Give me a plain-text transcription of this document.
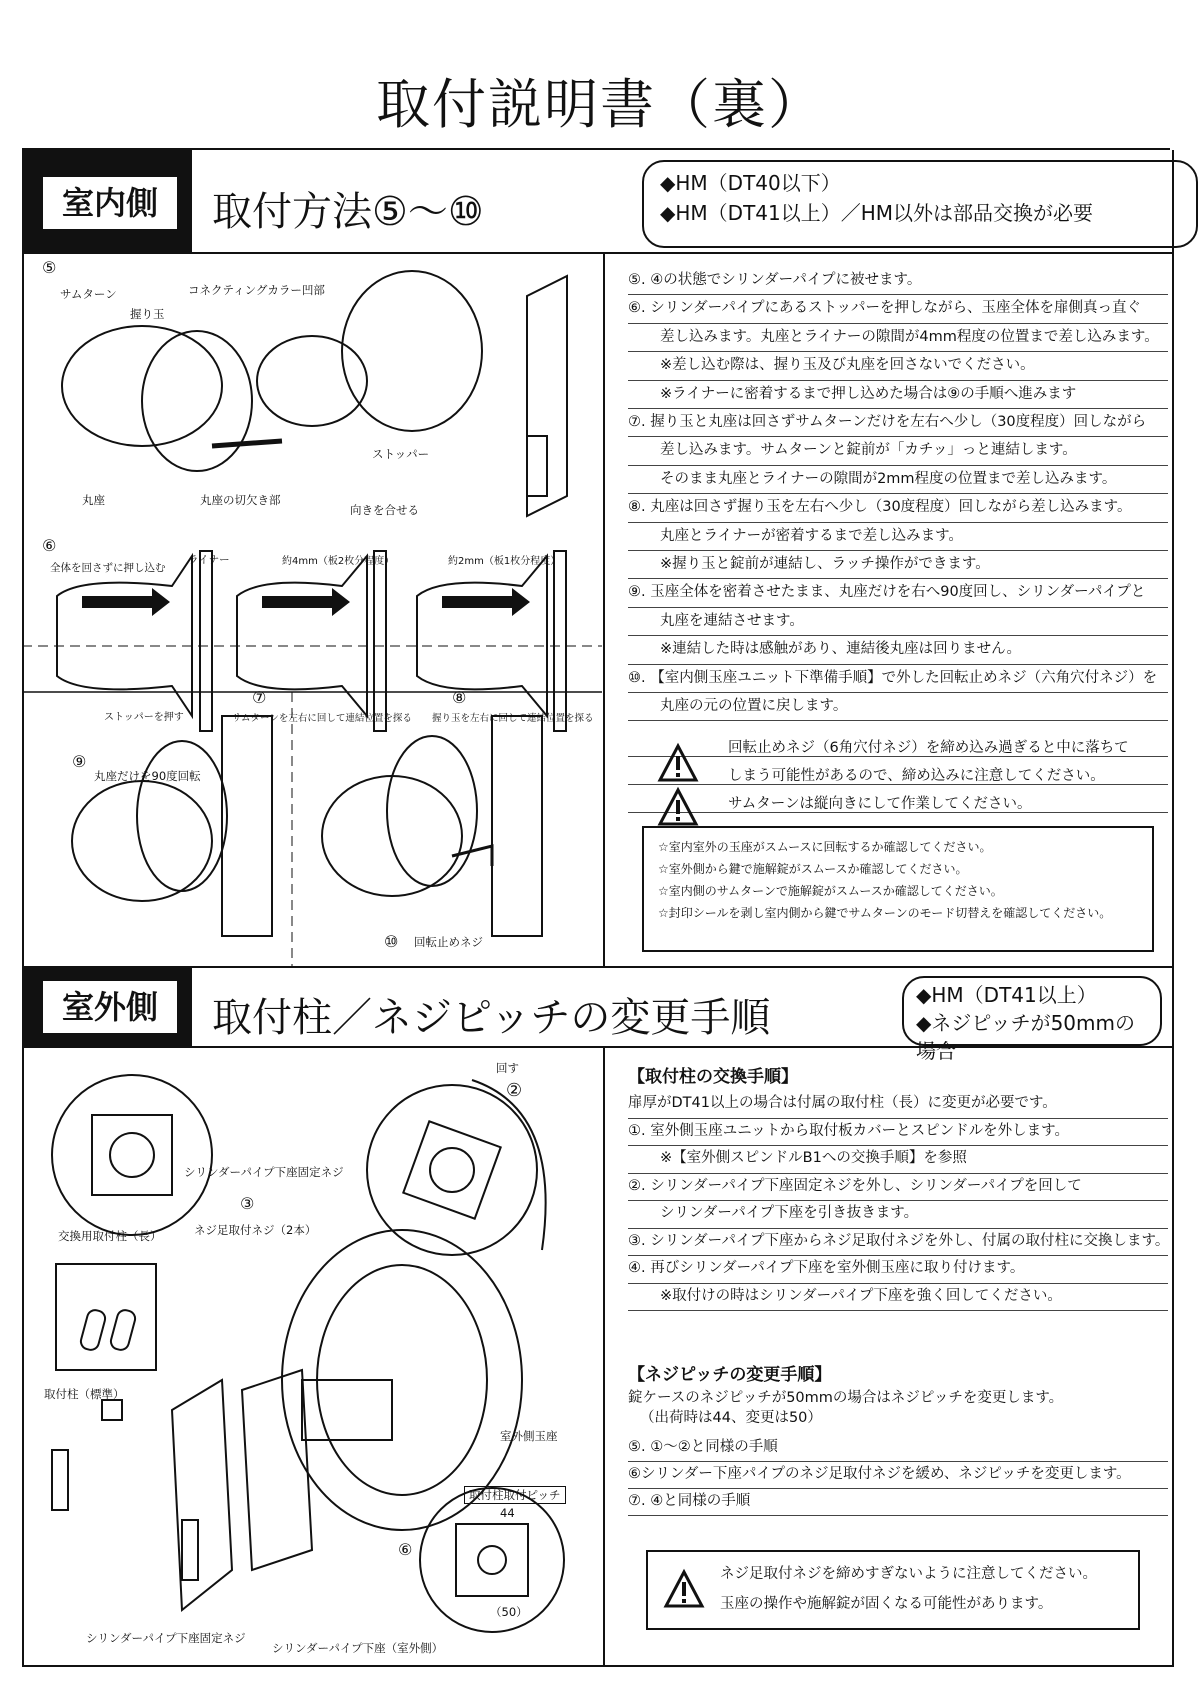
取付説明書（裏）
室内側	取付方法⑤～⑩
◆HM（DT40以下）
◆HM（DT41以上）／HM以外は部品交換が必要
⑤
サムターン
握り玉
コネクティングカラー凹部
ストッパー
丸座	丸座の切欠き部
向きを合せる
⑥
全体を回さずに押し込む
ライナー	約4mm（板2枚分程度）	約2mm（板1枚分程度）
ストッパーを押す	サムターンを左右に回して連結位置を探る 握り玉を左右に回して連結位置を探る
⑦	⑧
⑨
丸座だけを90度回転
⑩ 回転止めネジ
⑤. ④の状態でシリンダーパイプに被せます。
⑥. シリンダーパイプにあるストッパーを押しながら、玉座全体を扉側真っ直ぐ
差し込みます。丸座とライナーの隙間が4mm程度の位置まで差し込みます。
※差し込む際は、握り玉及び丸座を回さないでください。
※ライナーに密着するまで押し込めた場合は⑨の手順へ進みます
⑦. 握り玉と丸座は回さずサムターンだけを左右へ少し（30度程度）回しながら
差し込みます。サムターンと錠前が「カチッ」っと連結します。
そのまま丸座とライナーの隙間が2mm程度の位置まで差し込みます。
⑧. 丸座は回さず握り玉を左右へ少し（30度程度）回しながら差し込みます。
丸座とライナーが密着するまで差し込みます。
※握り玉と錠前が連結し、ラッチ操作ができます。
⑨. 玉座全体を密着させたまま、丸座だけを右へ90度回し、シリンダーパイプと
丸座を連結させます。
※連結した時は感触があり、連結後丸座は回りません。
⑩. 【室内側玉座ユニット下準備手順】で外した回転止めネジ（六角穴付ネジ）を
丸座の元の位置に戻します。
回転止めネジ（6角穴付ネジ）を締め込み過ぎると中に落ちて
しまう可能性があるので、締め込みに注意してください。
サムターンは縦向きにして作業してください。
☆室内室外の玉座がスムースに回転するか確認してください。
☆室外側から鍵で施解錠がスムースか確認してください。
☆室内側のサムターンで施解錠がスムースか確認してください。
☆封印シールを剥し室内側から鍵でサムターンのモード切替えを確認してください。
室外側	取付柱／ネジピッチの変更手順	◆HM（DT41以上）
◆ネジピッチが50mmの場合
回す
②
シリンダーパイプ下座固定ネジ
③
交換用取付柱（長）	ネジ足取付ネジ（2本）
取付柱（標準）
室外側玉座
取付柱取付ピッチ
44
（50）
⑥
シリンダーパイプ下座固定ネジ
シリンダーパイプ下座（室外側）
【取付柱の交換手順】
扉厚がDT41以上の場合は付属の取付柱（長）に変更が必要です。
①. 室外側玉座ユニットから取付板カバーとスピンドルを外します。
※【室外側スピンドルB1への交換手順】を参照
②. シリンダーパイプ下座固定ネジを外し、シリンダーパイプを回して
シリンダーパイプ下座を引き抜きます。
③. シリンダーパイプ下座からネジ足取付ネジを外し、付属の取付柱に交換します。
④. 再びシリンダーパイプ下座を室外側玉座に取り付けます。
※取付けの時はシリンダーパイプ下座を強く回してください。
【ネジピッチの変更手順】
錠ケースのネジピッチが50mmの場合はネジピッチを変更します。
（出荷時は44、変更は50）
⑤. ①～②と同様の手順
⑥シリンダー下座パイプのネジ足取付ネジを緩め、ネジピッチを変更します。
⑦. ④と同様の手順
ネジ足取付ネジを締めすぎないように注意してください。
玉座の操作や施解錠が固くなる可能性があります。
